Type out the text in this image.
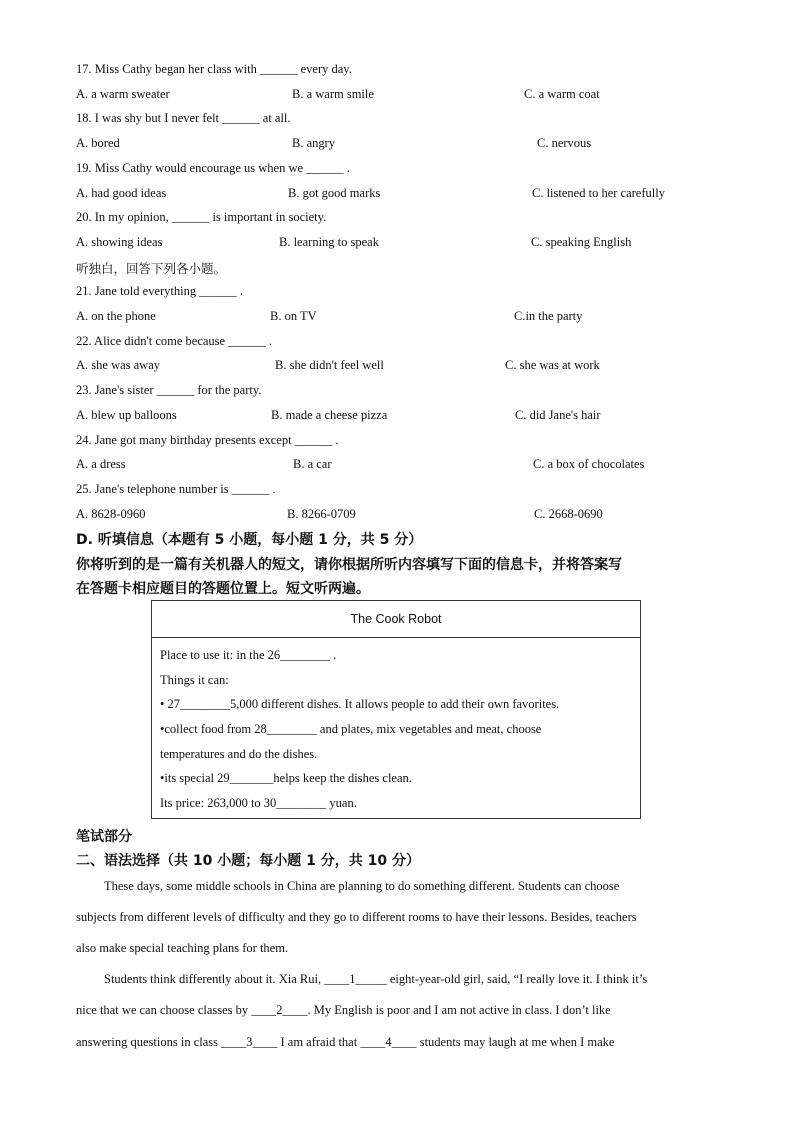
17. Miss Cathy began her class with ______ every day.
A. a warm sweater	B. a warm smile	C. a warm coat
18. I was shy but I never felt ______ at all.
A. bored	B. angry	C. nervous
19. Miss Cathy would encourage us when we ______ .
A. had good ideas	B. got good marks	C. listened to her carefully
20. In my opinion, ______ is important in society.
A. showing ideas	B. learning to speak	C. speaking English
听独白，回答下列各小题。
21. Jane told everything ______ .
A. on the phone	B. on TV	C.in the party
22. Alice didn't come because ______ .
A. she was away	B. she didn't feel well	C. she was at work
23. Jane's sister ______ for the party.
A. blew up balloons	B. made a cheese pizza	C. did Jane's hair
24. Jane got many birthday presents except ______ .
A. a dress	B. a car	C. a box of chocolates
25. Jane's telephone number is ______ .
A. 8628-0960	B. 8266-0709	C. 2668-0690
D. 听填信息（本题有 5 小题，每小题 1 分，共 5 分）
你将听到的是一篇有关机器人的短文，请你根据所听内容填写下面的信息卡，并将答案写
在答题卡相应题目的答题位置上。短文听两遍。
The Cook Robot
Place to use it: in the 26________ .
Things it can:
• 27________5,000 different dishes. It allows people to add their own favorites.
•collect food from 28________ and plates, mix vegetables and meat, choose
temperatures and do the dishes.
•its special 29_______helps keep the dishes clean.
Its price: 263,000 to 30________ yuan.
笔试部分
二、语法选择（共 10 小题；每小题 1 分，共 10 分）
These days, some middle schools in China are planning to do something different. Students can choose
subjects from different levels of difficulty and they go to different rooms to have their lessons. Besides, teachers
also make special teaching plans for them.
Students think differently about it. Xia Rui, ____1_____ eight-year-old girl, said, “I really love it. I think it’s
nice that we can choose classes by ____2____. My English is poor and I am not active in class. I don’t like
answering questions in class ____3____ I am afraid that ____4____ students may laugh at me when I make
